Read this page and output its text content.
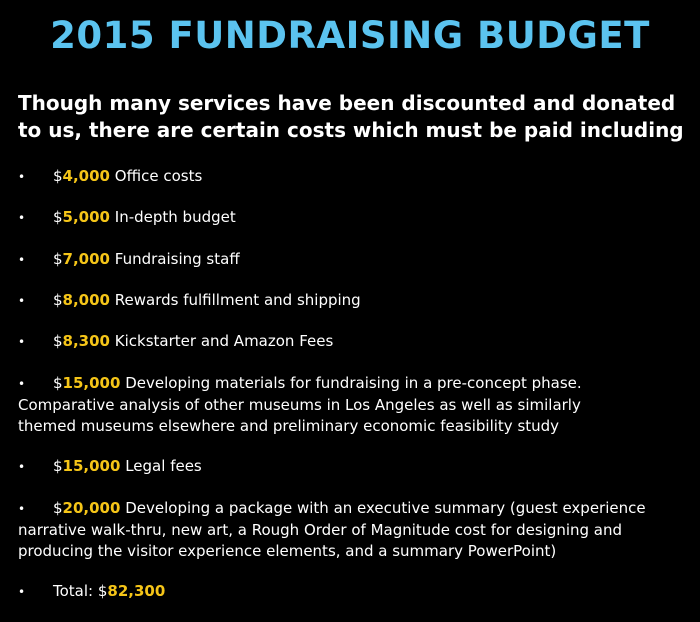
2015 FUNDRAISING BUDGET
Though many services have been discounted and donated
to us, there are certain costs which must be paid including
• $4,000 Office costs
• $5,000 In-depth budget
• $7,000 Fundraising staff
• $8,000 Rewards fulfillment and shipping
• $8,300 Kickstarter and Amazon Fees
• $15,000 Developing materials for fundraising in a pre-concept phase.
Comparative analysis of other museums in Los Angeles as well as similarly
themed museums elsewhere and preliminary economic feasibility study
• $15,000 Legal fees
• $20,000 Developing a package with an executive summary (guest experience
narrative walk-thru, new art, a Rough Order of Magnitude cost for designing and
producing the visitor experience elements, and a summary PowerPoint)
• Total: $82,300
